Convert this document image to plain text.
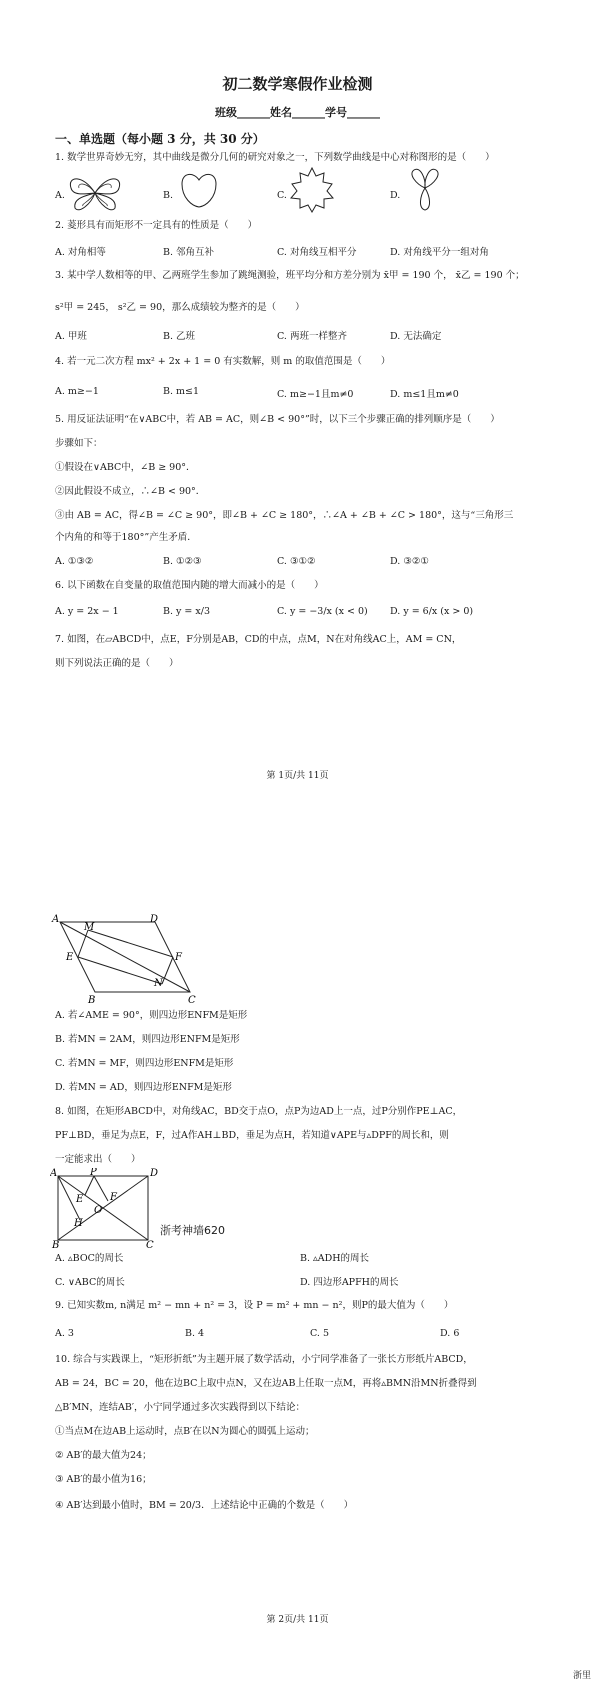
初二数学寒假作业检测
班级______姓名______学号______
一、单选题（每小题 3 分，共 30 分）
1. 数学世界奇妙无穷，其中曲线是微分几何的研究对象之一，下列数学曲线是中心对称图形的是（　　）
A.	B.	C.	D.
2. 菱形具有而矩形不一定具有的性质是（　　）
A. 对角相等	B. 邻角互补	C. 对角线互相平分	D. 对角线平分一组对角
3. 某中学人数相等的甲、乙两班学生参加了跳绳测验，班平均分和方差分别为 x̄甲 = 190 个， x̄乙 = 190 个；
s²甲 = 245， s²乙 = 90，那么成绩较为整齐的是（　　）
A. 甲班	B. 乙班	C. 两班一样整齐	D. 无法确定
4. 若一元二次方程 mx² + 2x + 1 = 0 有实数解，则 m 的取值范围是（　　）
A. m≥−1	B. m≤1	C. m≥−1且m≠0	D. m≤1且m≠0
5. 用反证法证明“在∨ABC中，若 AB = AC，则∠B < 90°”时，以下三个步骤正确的排列顺序是（　　）
步骤如下：
①假设在∨ABC中，∠B ≥ 90°．
②因此假设不成立，∴∠B < 90°．
③由 AB = AC，得∠B = ∠C ≥ 90°，即∠B + ∠C ≥ 180°，∴∠A + ∠B + ∠C > 180°，这与“三角形三
个内角的和等于180°”产生矛盾．
A. ①③②	B. ①②③	C. ③①②	D. ③②①
6. 以下函数在自变量的取值范围内随的增大而减小的是（　　）
A. y = 2x − 1	B. y = x/3	C. y = −3/x (x < 0) D. y = 6/x (x > 0)
7. 如图，在▱ABCD中，点E，F分别是AB，CD的中点，点M，N在对角线AC上，AM = CN，
则下列说法正确的是（　　）
第 1页/共 11页
A	D
M
E	F
N
B	C
A. 若∠AME = 90°，则四边形ENFM是矩形
B. 若MN = 2AM，则四边形ENFM是矩形
C. 若MN = MF，则四边形ENFM是矩形
D. 若MN = AD，则四边形ENFM是矩形
8. 如图，在矩形ABCD中，对角线AC，BD交于点O，点P为边AD上一点，过P分别作PE⊥AC，
PF⊥BD，垂足为点E，F，过A作AH⊥BD，垂足为点H，若知道∨APE与▵DPF的周长和，则
一定能求出（　　）
A	P	D
E	F
O
H
B	C
浙考神墙620
A. ▵BOC的周长	B. ▵ADH的周长
C. ∨ABC的周长	D. 四边形APFH的周长
9. 已知实数m, n满足 m² − mn + n² = 3，设 P = m² + mn − n²，则P的最大值为（　　）
A. 3	B. 4	C. 5	D. 6
10. 综合与实践课上，“矩形折纸”为主题开展了数学活动，小宁同学准备了一张长方形纸片ABCD，
AB = 24，BC = 20，他在边BC上取中点N，又在边AB上任取一点M，再将▵BMN沿MN折叠得到
△B′MN，连结AB′，小宁同学通过多次实践得到以下结论：
①当点M在边AB上运动时，点B′在以N为圆心的圆弧上运动；
② AB′的最大值为24；
③ AB′的最小值为16；
④ AB′达到最小值时，BM = 20/3．上述结论中正确的个数是（　　）
第 2页/共 11页
浙里
